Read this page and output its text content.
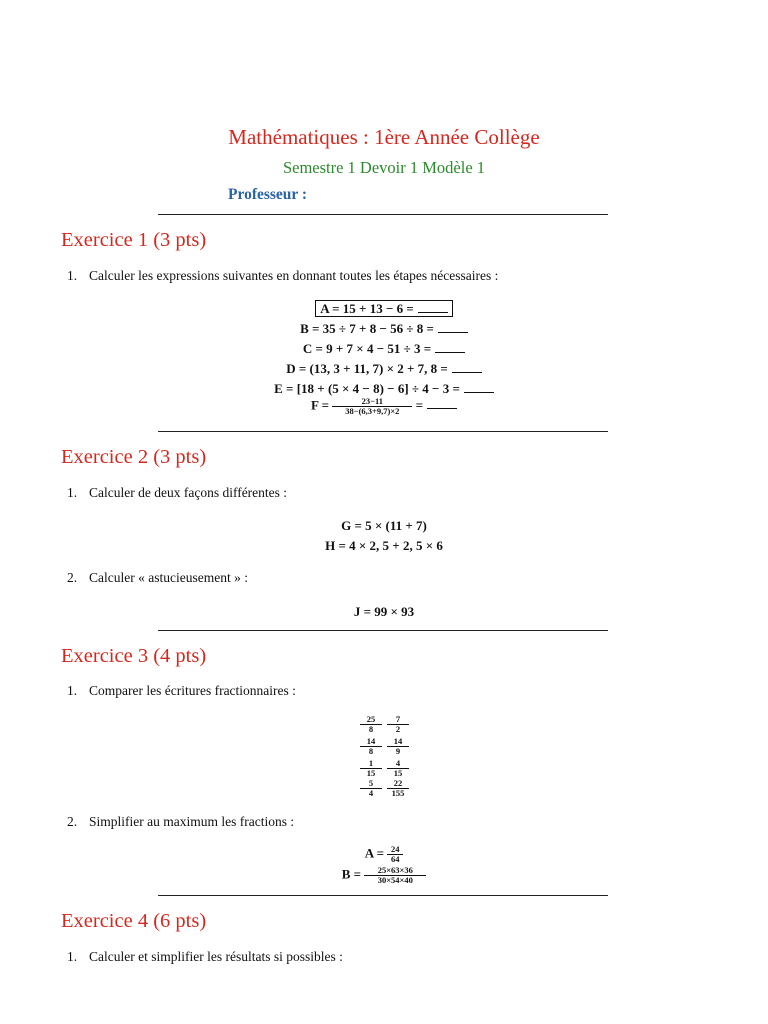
Mathématiques : 1ère Année Collège
Semestre 1 Devoir 1 Modèle 1
Professeur :
Exercice 1 (3 pts)
1. Calculer les expressions suivantes en donnant toutes les étapes nécessaires :
A = 15 + 13 − 6 =
B = 35 ÷ 7 + 8 − 56 ÷ 8 =
C = 9 + 7 × 4 − 51 ÷ 3 =
D = (13, 3 + 11, 7) × 2 + 7, 8 =
E = [18 + (5 × 4 − 8) − 6] ÷ 4 − 3 =
$F = \frac{23-11}{38-(6,3+9,7)\times 2}$ =
Exercice 2 (3 pts)
1. Calculer de deux façons différentes :
G = 5 × (11 + 7)
H = 4 × 2, 5 + 2, 5 × 6
2. Calculer « astucieusement » :
J = 99 × 93
Exercice 3 (4 pts)
1. Comparer les écritures fractionnaires :
$\frac{25}{8} \frac{7}{2}$
$\frac{14}{8} \frac{14}{9}$
$\frac{1}{15} \frac{4}{15}$
$\frac{5}{4} \frac{22}{155}$
2. Simplifier au maximum les fractions :
$A = \frac{24}{64}$
$B = \frac{25\times 63\times 36}{30\times 54\times 40}$
Exercice 4 (6 pts)
1. Calculer et simplifier les résultats si possibles :
